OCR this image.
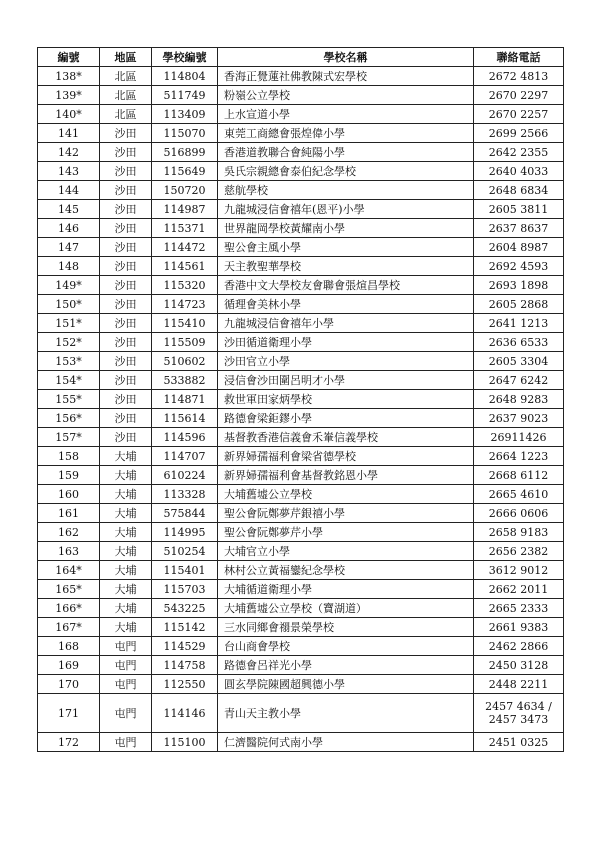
編號	地區	學校編號	學校名稱	聯絡電話
138*	北區	114804	香海正覺蓮社佛教陳式宏學校	2672 4813

139*	北區	511749	粉嶺公立學校	2670 2297

140*	北區	113409	上水宣道小學	2670 2257

141	沙田	115070	東莞工商總會張煌偉小學	2699 2566

142	沙田	516899	香港道教聯合會純陽小學	2642 2355

143	沙田	115649	吳氏宗親總會泰伯紀念學校	2640 4033

144	沙田	150720	慈航學校	2648 6834

145	沙田	114987	九龍城浸信會禧年(恩平)小學	2605 3811

146	沙田	115371	世界龍岡學校黃耀南小學	2637 8637

147	沙田	114472	聖公會主風小學	2604 8987

148	沙田	114561	天主教聖華學校	2692 4593

149*	沙田	115320	香港中文大學校友會聯會張煊昌學校	2693 1898

150*	沙田	114723	循理會美林小學	2605 2868

151*	沙田	115410	九龍城浸信會禧年小學	2641 1213

152*	沙田	115509	沙田循道衛理小學	2636 6533

153*	沙田	510602	沙田官立小學	2605 3304

154*	沙田	533882	浸信會沙田圍呂明才小學	2647 6242

155*	沙田	114871	救世軍田家炳學校	2648 9283

156*	沙田	115614	路德會梁鉅鏐小學	2637 9023

157*	沙田	114596	基督教香港信義會禾輋信義學校	26911426

158	大埔	114707	新界婦孺福利會梁省德學校	2664 1223

159	大埔	610224	新界婦孺福利會基督教銘恩小學	2668 6112

160	大埔	113328	大埔舊墟公立學校	2665 4610

161	大埔	575844	聖公會阮鄭夢芹銀禧小學	2666 0606

162	大埔	114995	聖公會阮鄭夢芹小學	2658 9183

163	大埔	510254	大埔官立小學	2656 2382

164*	大埔	115401	林村公立黃福鑾紀念學校	3612 9012

165*	大埔	115703	大埔循道衛理小學	2662 2011

166*	大埔	543225	大埔舊墟公立學校（寶湖道）	2665 2333

167*	大埔	115142	三水同鄉會禤景榮學校	2661 9383

168	屯門	114529	台山商會學校	2462 2866

169	屯門	114758	路德會呂祥光小學	2450 3128

170	屯門	112550	圓玄學院陳國超興德小學	2448 2211

171	屯門	114146	青山天主教小學	2457 4634 /
2457 3473

172	屯門	115100	仁濟醫院何式南小學	2451 0325
